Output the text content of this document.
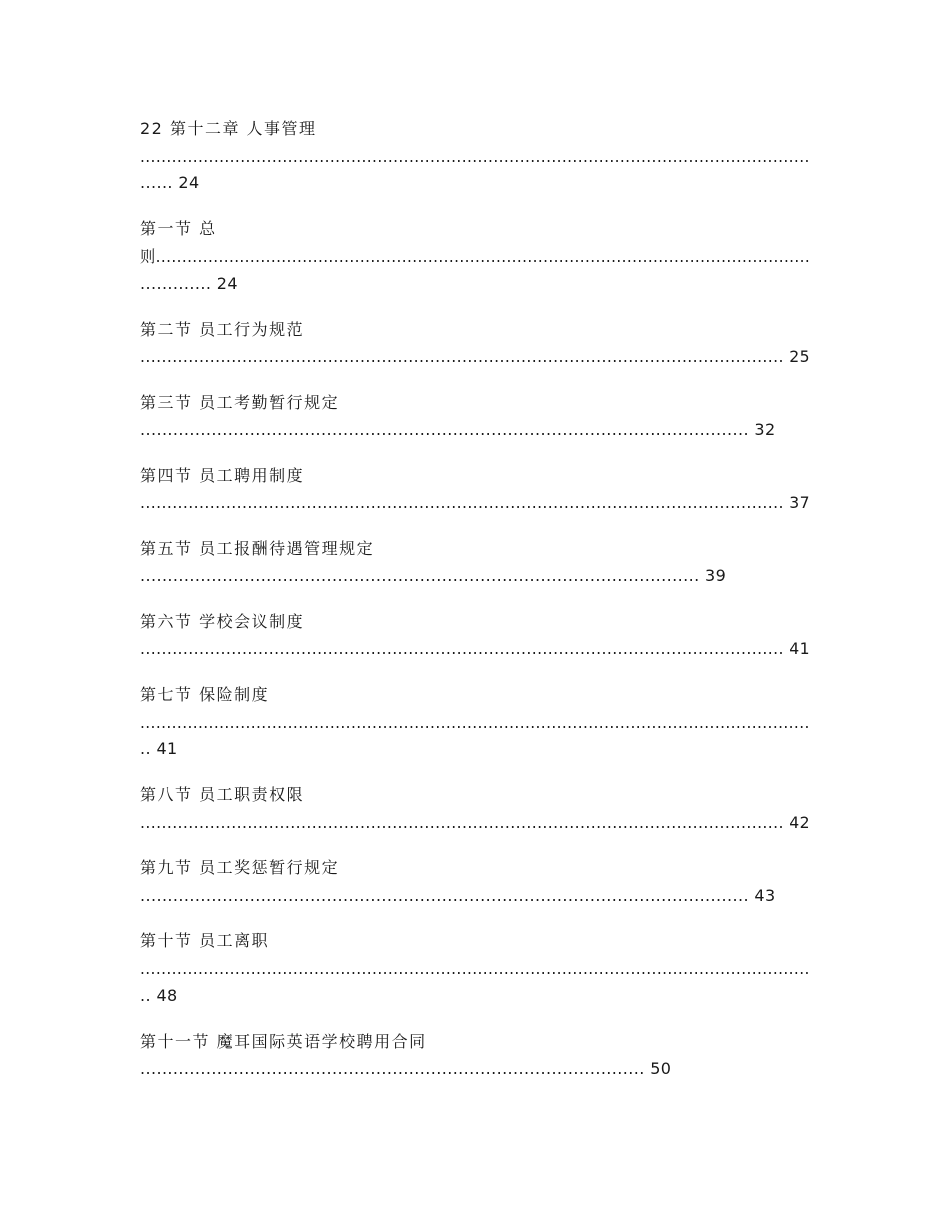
22 第十二章 人事管理
...............................................................................................................................
...... 24
第一节 总
则.............................................................................................................................
............. 24
第二节 员工行为规范
........................................................................................................................ 25
第三节 员工考勤暂行规定
............................................................................................................... 32
第四节 员工聘用制度
........................................................................................................................ 37
第五节 员工报酬待遇管理规定
...................................................................................................... 39
第六节 学校会议制度
........................................................................................................................ 41
第七节 保险制度
...............................................................................................................................
.. 41
第八节 员工职责权限
........................................................................................................................ 42
第九节 员工奖惩暂行规定
............................................................................................................... 43
第十节 员工离职
...............................................................................................................................
.. 48
第十一节 魔耳国际英语学校聘用合同
............................................................................................ 50
